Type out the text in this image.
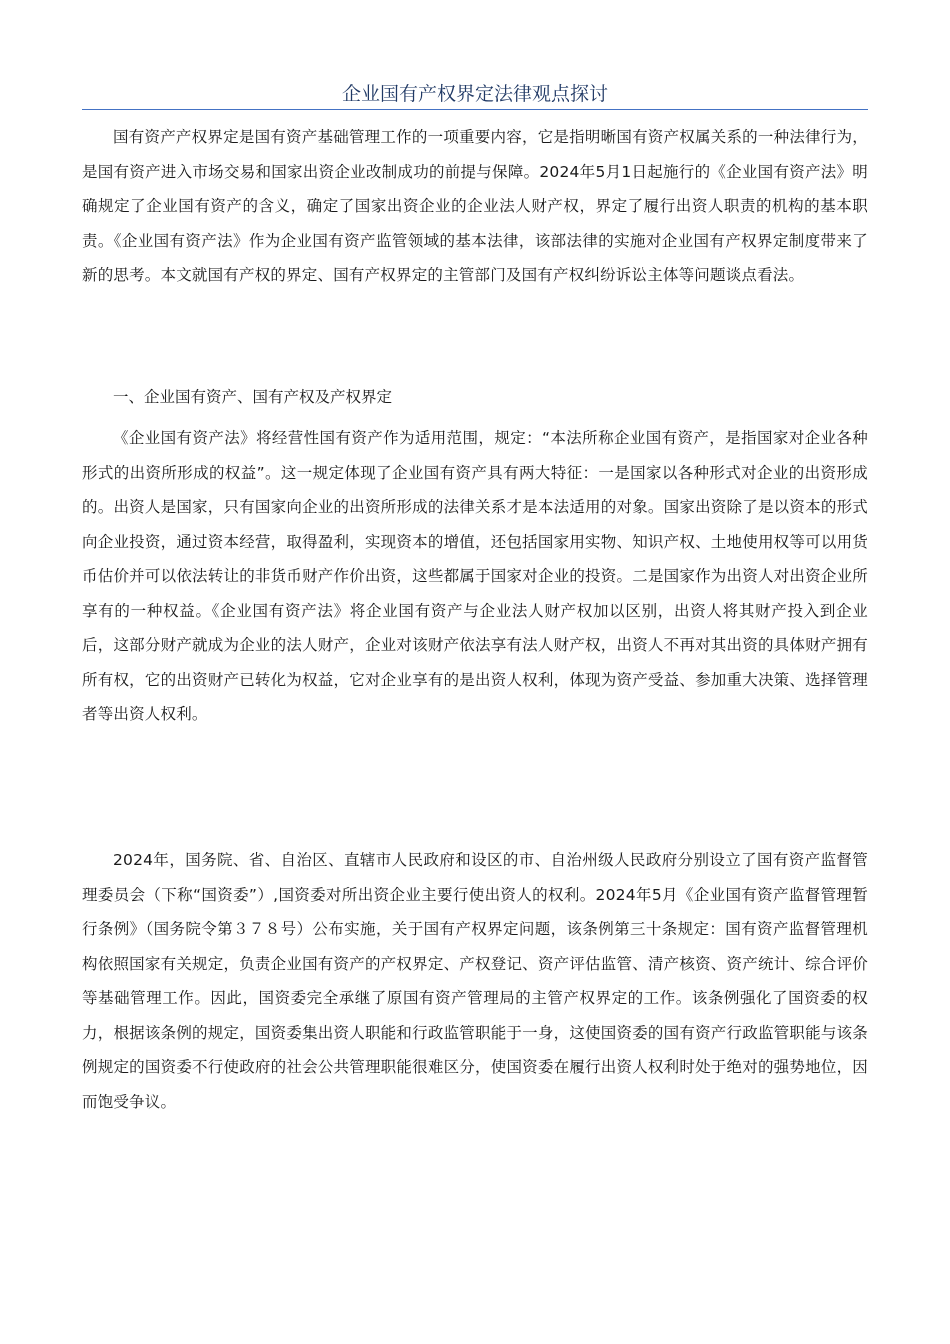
企业国有产权界定法律观点探讨

国有资产产权界定是国有资产基础管理工作的一项重要内容，它是指明晰国有资产权属关系的一种法律行为，是国有资产进入市场交易和国家出资企业改制成功的前提与保障。2024年5月1日起施行的《企业国有资产法》明确规定了企业国有资产的含义，确定了国家出资企业的企业法人财产权，界定了履行出资人职责的机构的基本职责。《企业国有资产法》作为企业国有资产监管领域的基本法律，该部法律的实施对企业国有产权界定制度带来了新的思考。本文就国有产权的界定、国有产权界定的主管部门及国有产权纠纷诉讼主体等问题谈点看法。

一、企业国有资产、国有产权及产权界定

《企业国有资产法》将经营性国有资产作为适用范围，规定：“本法所称企业国有资产，是指国家对企业各种形式的出资所形成的权益”。这一规定体现了企业国有资产具有两大特征：一是国家以各种形式对企业的出资形成的。出资人是国家，只有国家向企业的出资所形成的法律关系才是本法适用的对象。国家出资除了是以资本的形式向企业投资，通过资本经营，取得盈利，实现资本的增值，还包括国家用实物、知识产权、土地使用权等可以用货币估价并可以依法转让的非货币财产作价出资，这些都属于国家对企业的投资。二是国家作为出资人对出资企业所享有的一种权益。《企业国有资产法》将企业国有资产与企业法人财产权加以区别，出资人将其财产投入到企业后，这部分财产就成为企业的法人财产，企业对该财产依法享有法人财产权，出资人不再对其出资的具体财产拥有所有权，它的出资财产已转化为权益，它对企业享有的是出资人权利，体现为资产受益、参加重大决策、选择管理者等出资人权利。

2024年，国务院、省、自治区、直辖市人民政府和设区的市、自治州级人民政府分别设立了国有资产监督管理委员会（下称“国资委”）,国资委对所出资企业主要行使出资人的权利。2024年5月《企业国有资产监督管理暂行条例》（国务院令第３７８号）公布实施，关于国有产权界定问题，该条例第三十条规定：国有资产监督管理机构依照国家有关规定，负责企业国有资产的产权界定、产权登记、资产评估监管、清产核资、资产统计、综合评价等基础管理工作。因此，国资委完全承继了原国有资产管理局的主管产权界定的工作。该条例强化了国资委的权力，根据该条例的规定，国资委集出资人职能和行政监管职能于一身，这使国资委的国有资产行政监管职能与该条例规定的国资委不行使政府的社会公共管理职能很难区分，使国资委在履行出资人权利时处于绝对的强势地位，因而饱受争议。
